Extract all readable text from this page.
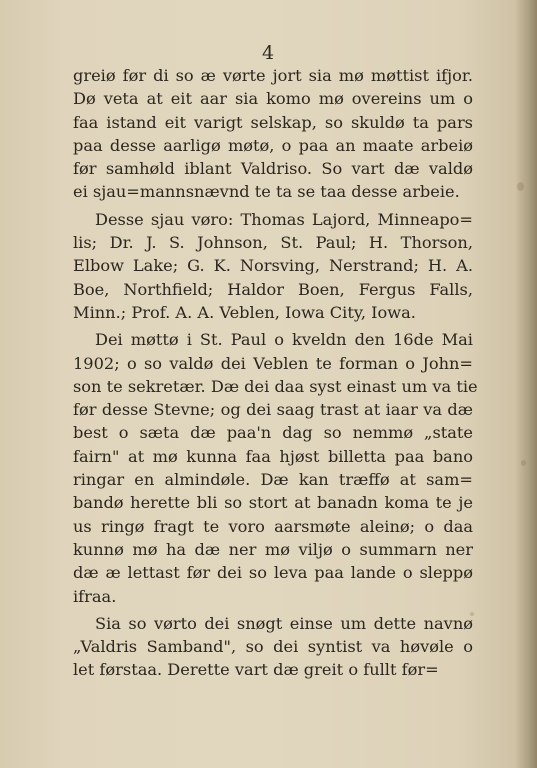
4
greiø før di so æ vørte jort sia mø møttist ifjor.
Dø veta at eit aar sia komo mø overeins um o
faa istand eit varigt selskap, so skuldø ta pars
paa desse aarligø møtø, o paa an maate arbeiø
før samhøld iblant Valdriso. So vart dæ valdø
ei sjau=mannsnævnd te ta se taa desse arbeie.
Desse sjau vøro: Thomas Lajord, Minneapo=
lis; Dr. J. S. Johnson, St. Paul; H. Thorson,
Elbow Lake; G. K. Norsving, Nerstrand; H. A.
Boe, Northfield; Haldor Boen, Fergus Falls,
Minn.; Prof. A. A. Veblen, Iowa City, Iowa.
Dei møttø i St. Paul o kveldn den 16de Mai
1902; o so valdø dei Veblen te forman o John=
son te sekretær. Dæ dei daa syst einast um va tie
før desse Stevne; og dei saag trast at iaar va dæ
best o sæta dæ paa'n dag so nemmø „state
fairn" at mø kunna faa hjøst billetta paa bano
ringar en almindøle. Dæ kan træffø at sam=
bandø herette bli so stort at banadn koma te je
us ringø fragt te voro aarsmøte aleinø; o daa
kunnø mø ha dæ ner mø viljø o summarn ner
dæ æ lettast før dei so leva paa lande o sleppø
ifraa.
Sia so vørto dei snøgt einse um dette navnø
„Valdris Samband", so dei syntist va høvøle o
let førstaa. Derette vart dæ greit o fullt før=
